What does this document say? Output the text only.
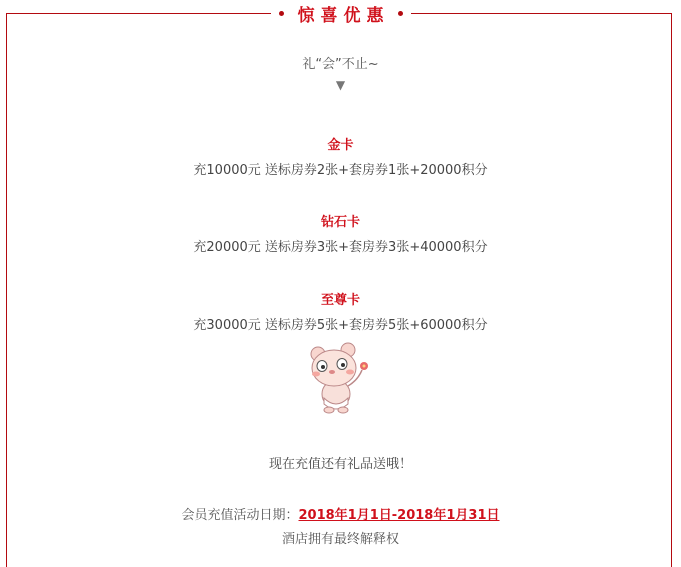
惊喜优惠
礼“会”不止~
▼
金卡
充10000元 送标房券2张+套房券1张+20000积分
钻石卡
充20000元 送标房券3张+套房券3张+40000积分
至尊卡
充30000元 送标房券5张+套房券5张+60000积分
现在充值还有礼品送哦！
会员充值活动日期：2018年1月1日-2018年1月31日
酒店拥有最终解释权
